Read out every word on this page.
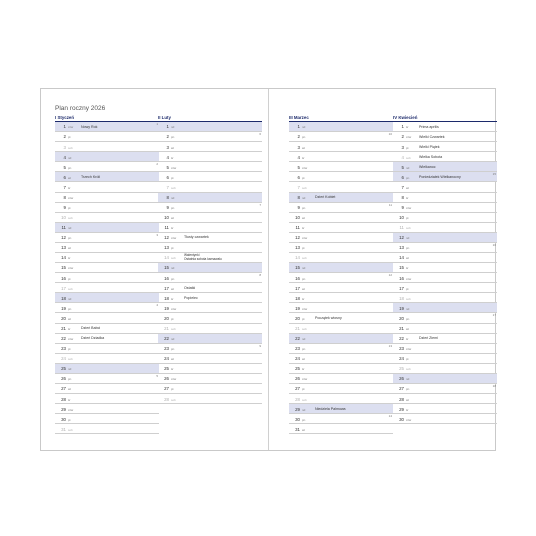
Plan roczny 2026
I Styczeń
1 czw Nowy Rok
2 pt
3 sob
4 nd
5 pn
2
6 wt	Trzech Króli
7 śr
8 czw
9 pt
10 sob
11 nd
12 pn
3
13 wt
14 śr
15 czw
16 pt
17 sob
18 nd
19 pn
4
20 wt
21 śr	Dzień Babci
22 czw Dzień Dziadka
23 pt
24 sob
25 nd
26 pn
5
27 wt
28 śr
29 czw
30 pt
31 sob
II Luty
1 nd
2 pn
6
3 wt
4 śr
5 czw
6 pt
7 sob
8 nd
9 pn
7
10 wt
11 śr
12 czw Tłusty czwartek
13 pt
14 sob
Walentynki
Ostatnia sobota karnawału
15 nd
16 pn
8
17 wt	Ostatki
18 śr	Popielec
19 czw
20 pt
21 sob
22 nd
23 pn
9
24 wt
25 śr
26 czw
27 pt
28 sob
III Marzec
1 nd
2 pn
10
3 wt
4 śr
5 czw
6 pt
7 sob
8 nd	Dzień Kobiet
9 pn
11
10 wt
11 śr
12 czw
13 pt
14 sob
15 nd
16 pn
12
17 wt
18 śr
19 czw
20 pt	Początek wiosny
21 sob
22 nd
23 pn
13
24 wt
25 śr
26 czw
27 pt
28 sob
29 nd	Niedziela Palmowa
30 pn
14
31 wt
IV Kwiecień
1 śr	Prima aprilis
2 czw Wielki Czwartek
3 pt	Wielki Piątek
4 sob Wielka Sobota
5 nd	Wielkanoc
6 pn	Poniedziałek Wielkanocny
15
7 wt
8 śr
9 czw
10 pt
11 sob
12 nd
13 pn
16
14 wt
15 śr
16 czw
17 pt
18 sob
19 nd
20 pn
17
21 wt
22 śr	Dzień Ziemi
23 czw
24 pt
25 sob
26 nd
27 pn
18
28 wt
29 śr
30 czw
